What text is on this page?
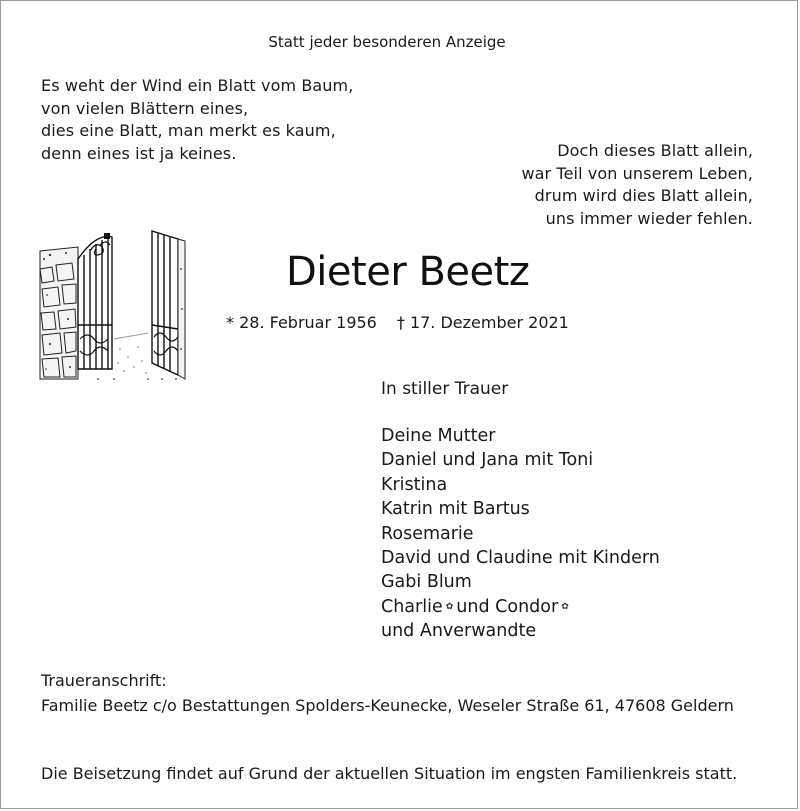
Statt jeder besonderen Anzeige
Es weht der Wind ein Blatt vom Baum,
von vielen Blättern eines,
dies eine Blatt, man merkt es kaum,
denn eines ist ja keines.	Doch dieses Blatt allein,
war Teil von unserem Leben,
drum wird dies Blatt allein,
uns immer wieder fehlen.
Dieter Beetz
* 28. Februar 1956 † 17. Dezember 2021
In stiller Trauer
Deine Mutter
Daniel und Jana mit Toni
Kristina
Katrin mit Bartus
Rosemarie
David und Claudine mit Kindern
Gabi Blum
Charlie ✿ und Condor ✿
und Anverwandte
Traueranschrift:
Familie Beetz c/o Bestattungen Spolders-Keunecke, Weseler Straße 61, 47608 Geldern
Die Beisetzung findet auf Grund der aktuellen Situation im engsten Familienkreis statt.
